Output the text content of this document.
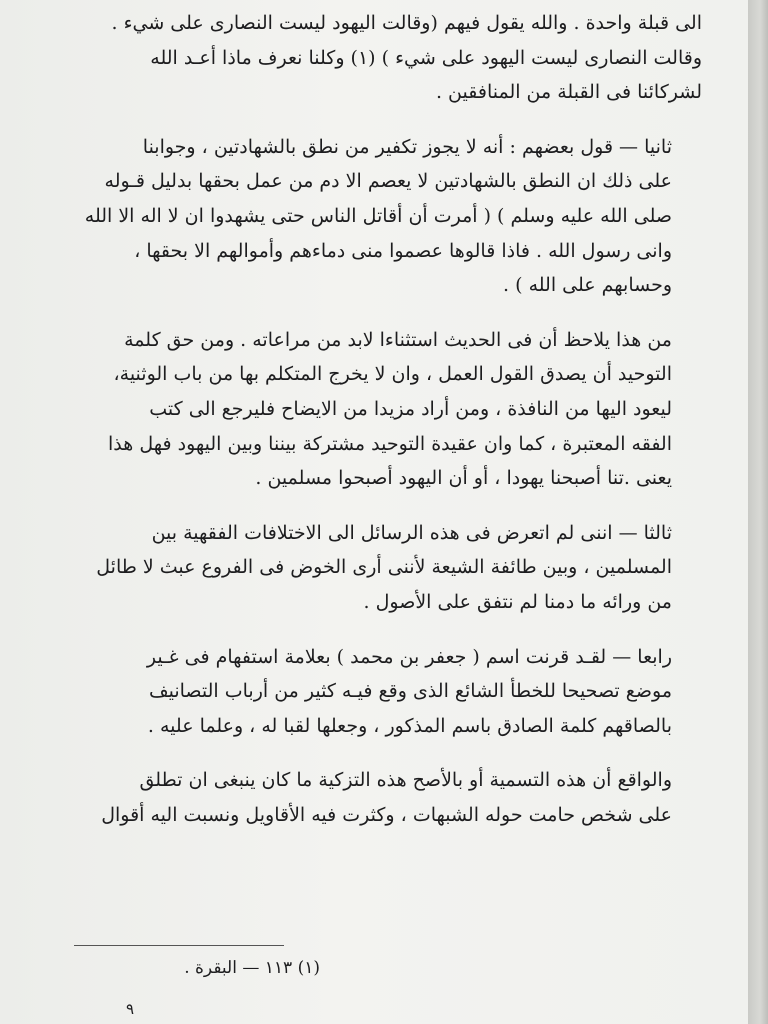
الى قبلة واحدة . والله يقول فيهم (وقالت اليهود ليست النصارى على شيء .
وقالت النصارى ليست اليهود على شيء ) (١) وكلنا نعرف ماذا أعـد الله
لشركائنا فى القبلة من المنافقين .

ثانيا — قول بعضهم : أنه لا يجوز تكفير من نطق بالشهادتين ، وجوابنا
على ذلك ان النطق بالشهادتين لا يعصم الا دم من عمل بحقها بدليل قـوله
صلى الله عليه وسلم ) ( أمرت أن أقاتل الناس حتى يشهدوا ان لا اله الا الله
وانى رسول الله . فاذا قالوها عصموا منى دماءهم وأموالهم الا بحقها ،
وحسابهم على الله ) .

من هذا يلاحظ أن فى الحديث استثناءا لابد من مراعاته . ومن حق كلمة
التوحيد أن يصدق القول العمل ، وان لا يخرج المتكلم بها من باب الوثنية،
ليعود اليها من النافذة ، ومن أراد مزيدا من الايضاح فليرجع الى كتب
الفقه المعتبرة ، كما وان عقيدة التوحيد مشتركة بيننا وبين اليهود فهل هذا
يعنى .تنا أصبحنا يهودا ، أو أن اليهود أصبحوا مسلمين .

ثالثا — اننى لم اتعرض فى هذه الرسائل الى الاختلافات الفقهية بين
المسلمين ، وبين طائفة الشيعة لأننى أرى الخوض فى الفروع عبث لا طائل
من ورائه ما دمنا لم نتفق على الأصول .

رابعا — لقـد قرنت اسم ( جعفر بن محمد ) بعلامة استفهام فى غـير
موضع تصحيحا للخطأ الشائع الذى وقع فيـه كثير من أرباب التصانيف
بالصاقهم كلمة الصادق باسم المذكور ، وجعلها لقبا له ، وعلما عليه .

والواقع أن هذه التسمية أو بالأصح هذه التزكية ما كان ينبغى ان تطلق
على شخص حامت حوله الشبهات ، وكثرت فيه الأقاويل ونسبت اليه أقوال

(١) ١١٣ — البقرة .
٩
